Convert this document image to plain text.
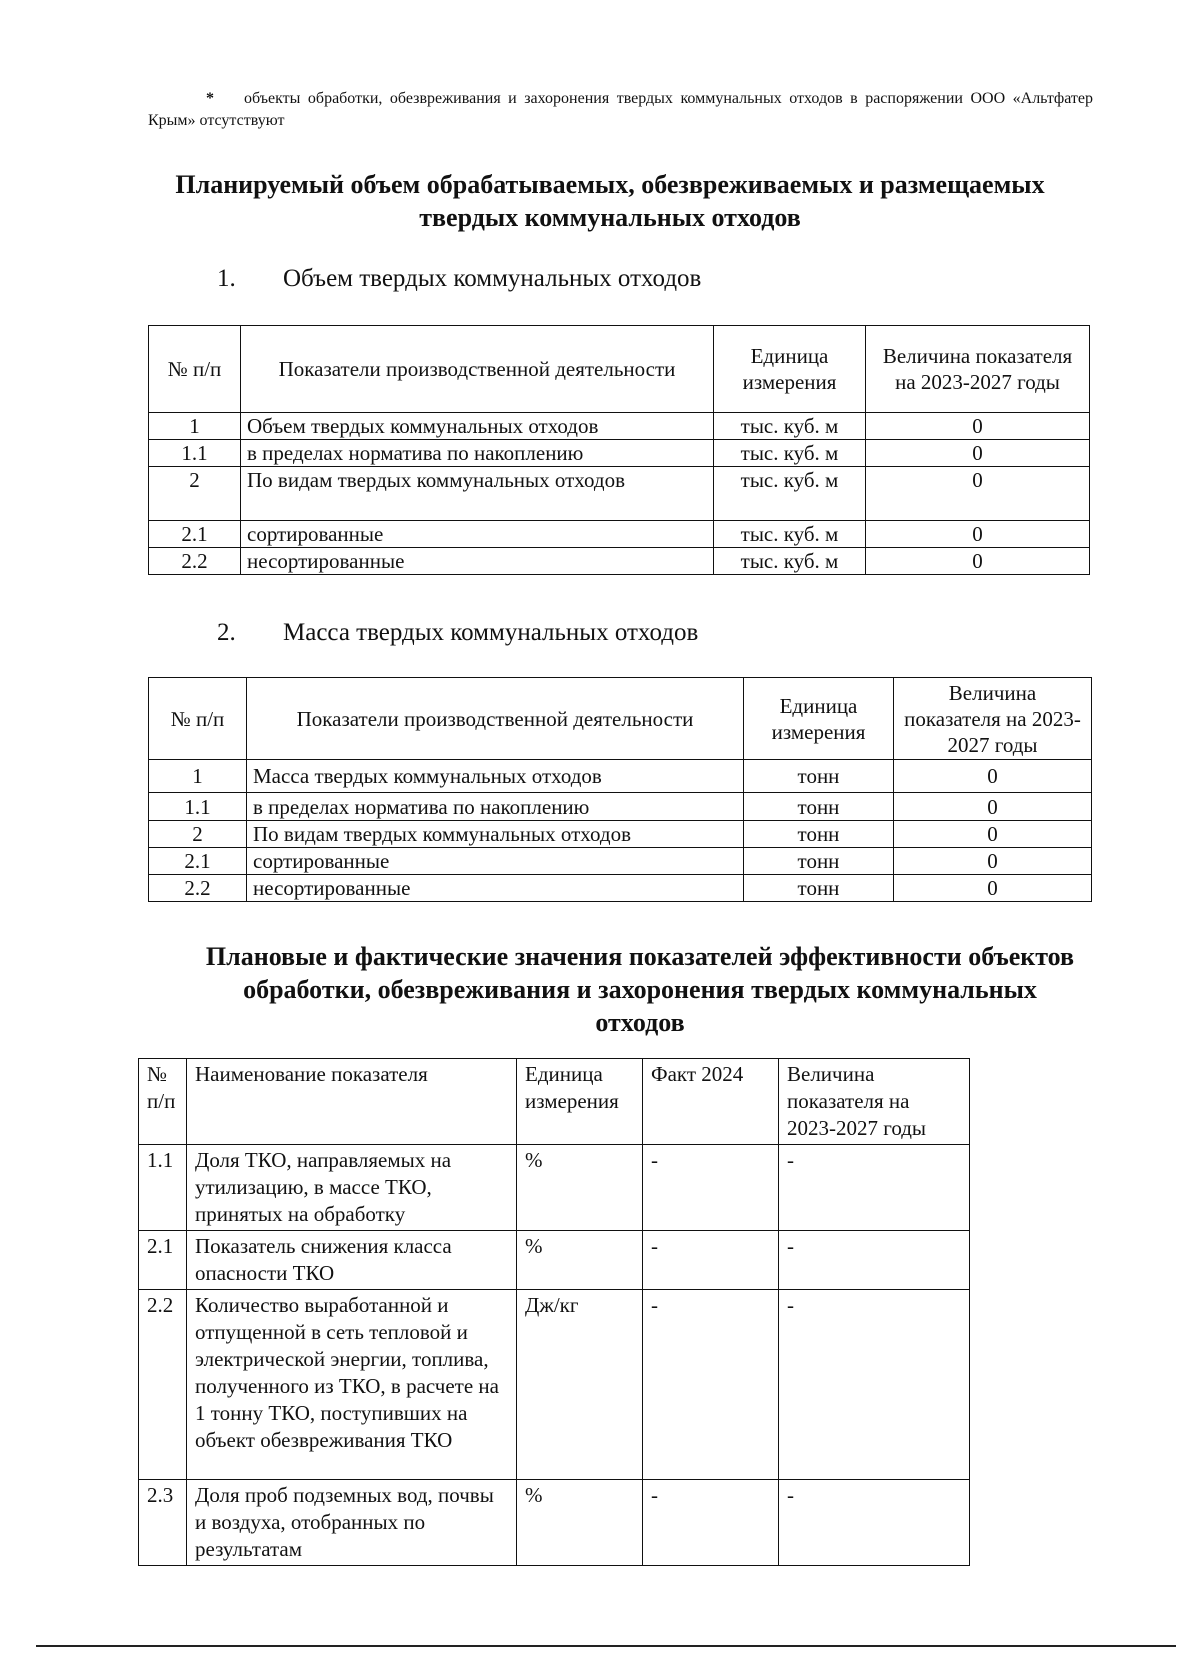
* объекты обработки, обезвреживания и захоронения твердых коммунальных отходов в распоряжении ООО «Альтфатер Крым» отсутствуют
Планируемый объем обрабатываемых, обезвреживаемых и размещаемых твердых коммунальных отходов
1. Объем твердых коммунальных отходов
№ п/п	Показатели производственной деятельности	Единица измерения	Величина показателя на 2023-2027 годы
1	Объем твердых коммунальных отходов	тыс. куб. м	0
1.1	в пределах норматива по накоплению	тыс. куб. м	0
2	По видам твердых коммунальных отходов	тыс. куб. м	0
2.1	сортированные	тыс. куб. м	0
2.2	несортированные	тыс. куб. м	0
2. Масса твердых коммунальных отходов
№ п/п	Показатели производственной деятельности	Единица измерения	Величина показателя на 2023-2027 годы
1	Масса твердых коммунальных отходов	тонн	0
1.1	в пределах норматива по накоплению	тонн	0
2	По видам твердых коммунальных отходов	тонн	0
2.1	сортированные	тонн	0
2.2	несортированные	тонн	0
Плановые и фактические значения показателей эффективности объектов обработки, обезвреживания и захоронения твердых коммунальных отходов
№ п/п	Наименование показателя	Единица измерения	Факт 2024	Величина показателя на 2023-2027 годы
1.1	Доля ТКО, направляемых на утилизацию, в массе ТКО, принятых на обработку	%	-	-
2.1	Показатель снижения класса опасности ТКО	%	-	-
2.2	Количество выработанной и отпущенной в сеть тепловой и электрической энергии, топлива, полученного из ТКО, в расчете на 1 тонну ТКО, поступивших на объект обезвреживания ТКО	Дж/кг	-	-
2.3	Доля проб подземных вод, почвы и воздуха, отобранных по результатам	%	-	-
